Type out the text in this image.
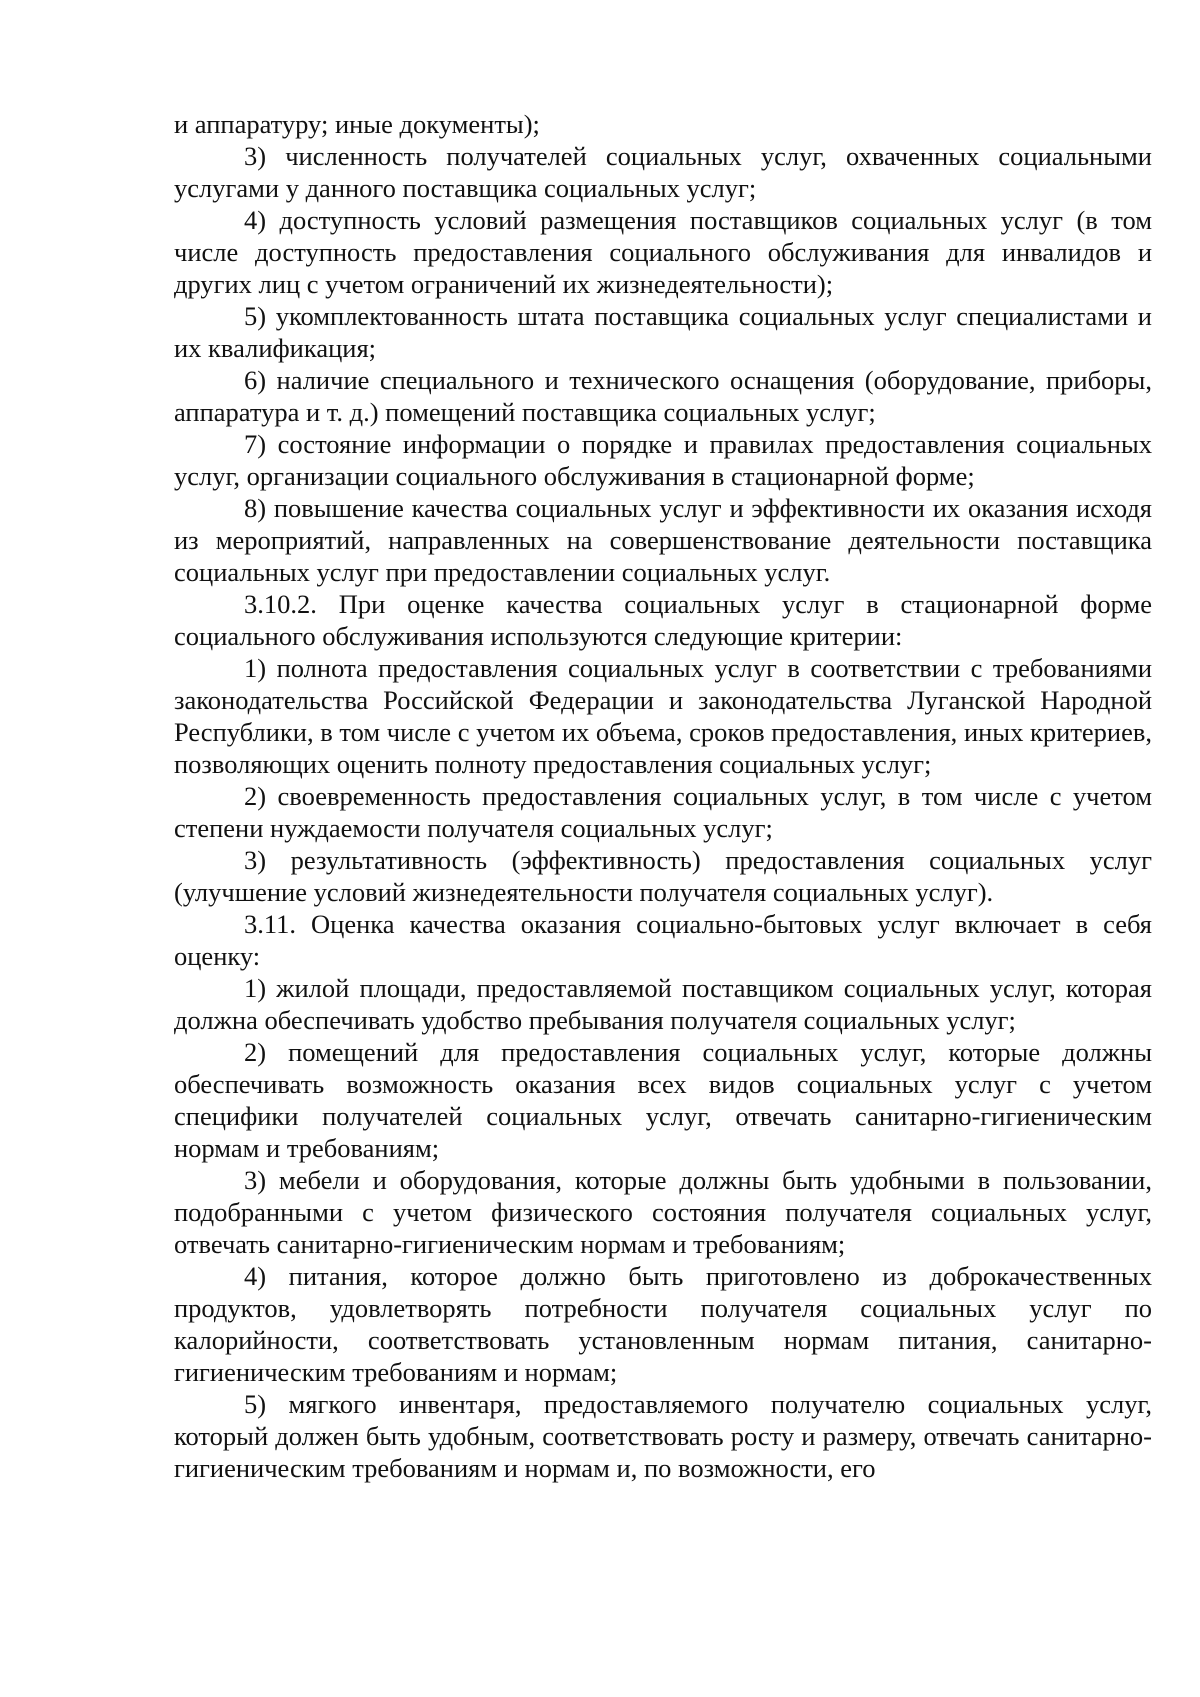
и аппаратуру; иные документы);

3) численность получателей социальных услуг, охваченных социальными услугами у данного поставщика социальных услуг;

4) доступность условий размещения поставщиков социальных услуг (в том числе доступность предоставления социального обслуживания для инвалидов и других лиц с учетом ограничений их жизнедеятельности);

5) укомплектованность штата поставщика социальных услуг специалистами и их квалификация;

6) наличие специального и технического оснащения (оборудование, приборы, аппаратура и т. д.) помещений поставщика социальных услуг;

7) состояние информации о порядке и правилах предоставления социальных услуг, организации социального обслуживания в стационарной форме;

8) повышение качества социальных услуг и эффективности их оказания исходя из мероприятий, направленных на совершенствование деятельности поставщика социальных услуг при предоставлении социальных услуг.

3.10.2. При оценке качества социальных услуг в стационарной форме социального обслуживания используются следующие критерии:

1) полнота предоставления социальных услуг в соответствии с требованиями законодательства Российской Федерации и законодательства Луганской Народной Республики, в том числе с учетом их объема, сроков предоставления, иных критериев, позволяющих оценить полноту предоставления социальных услуг;

2) своевременность предоставления социальных услуг, в том числе с учетом степени нуждаемости получателя социальных услуг;

3) результативность (эффективность) предоставления социальных услуг (улучшение условий жизнедеятельности получателя социальных услуг).

3.11. Оценка качества оказания социально-бытовых услуг включает в себя оценку:

1) жилой площади, предоставляемой поставщиком социальных услуг, которая должна обеспечивать удобство пребывания получателя социальных услуг;

2) помещений для предоставления социальных услуг, которые должны обеспечивать возможность оказания всех видов социальных услуг с учетом специфики получателей социальных услуг, отвечать санитарно-гигиеническим нормам и требованиям;

3) мебели и оборудования, которые должны быть удобными в пользовании, подобранными с учетом физического состояния получателя социальных услуг, отвечать санитарно-гигиеническим нормам и требованиям;

4) питания, которое должно быть приготовлено из доброкачественных продуктов, удовлетворять потребности получателя социальных услуг по калорийности, соответствовать установленным нормам питания, санитарно-гигиеническим требованиям и нормам;

5) мягкого инвентаря, предоставляемого получателю социальных услуг, который должен быть удобным, соответствовать росту и размеру, отвечать санитарно-гигиеническим требованиям и нормам и, по возможности, его
